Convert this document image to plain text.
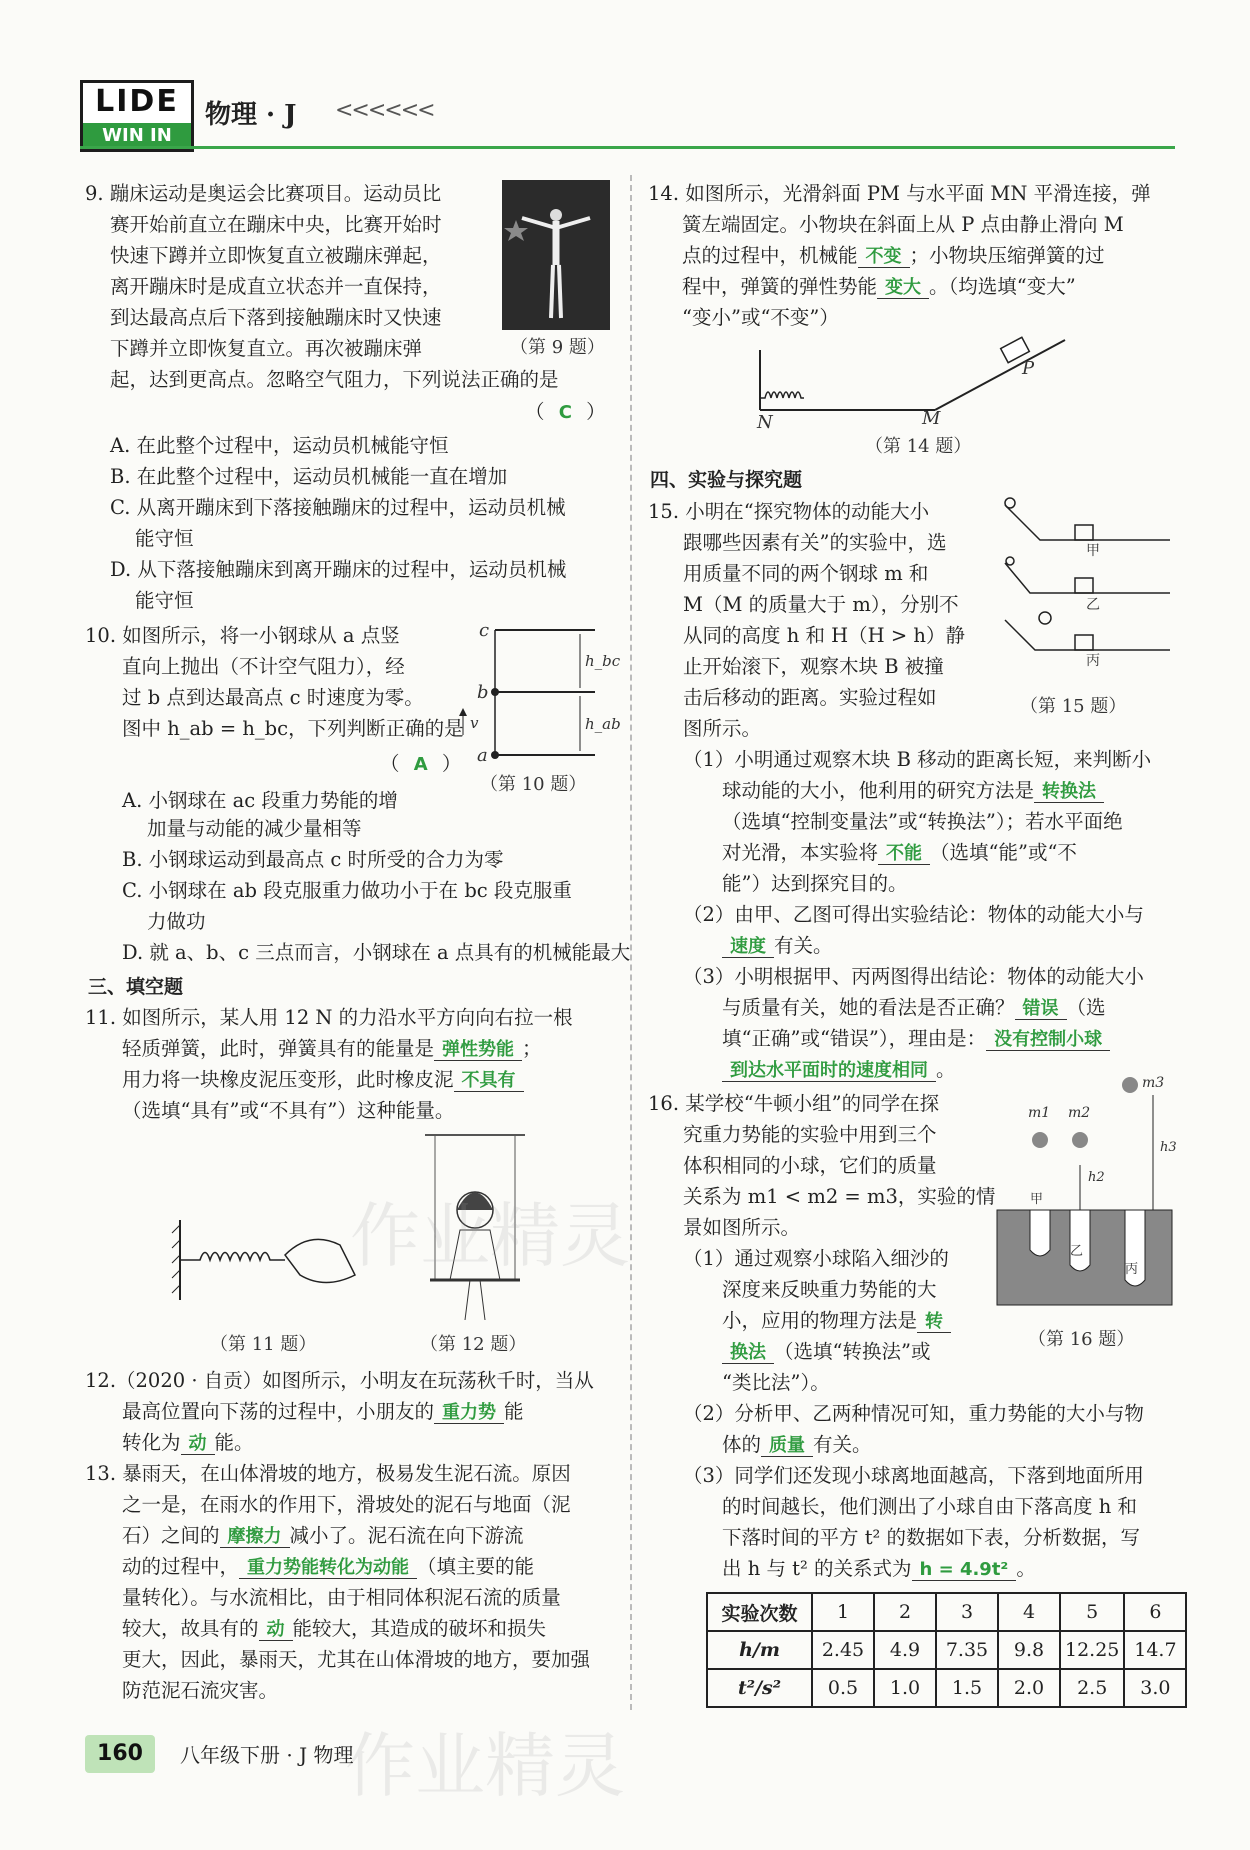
LIDE
WIN IN
物理 · J <<<<<<
9. 蹦床运动是奥运会比赛项目。运动员比
赛开始前直立在蹦床中央，比赛开始时
快速下蹲并立即恢复直立被蹦床弹起，
离开蹦床时是成直立状态并一直保持，
到达最高点后下落到接触蹦床时又快速
下蹲并立即恢复直立。再次被蹦床弹
起，达到更高点。忽略空气阻力，下列说法正确的是
（第 9 题）
（ C ）
A. 在此整个过程中，运动员机械能守恒
B. 在此整个过程中，运动员机械能一直在增加
C. 从离开蹦床到下落接触蹦床的过程中，运动员机械
能守恒
D. 从下落接触蹦床到离开蹦床的过程中，运动员机械
能守恒
10. 如图所示，将一小钢球从 a 点竖
直向上抛出（不计空气阻力），经
过 b 点到达最高点 c 时速度为零。
图中 h_ab = h_bc，下列判断正确的是
（ A ）
c
b
a
h_bc
h_ab
v
（第 10 题）
A. 小钢球在 ac 段重力势能的增
加量与动能的减少量相等
B. 小钢球运动到最高点 c 时所受的合力为零
C. 小钢球在 ab 段克服重力做功小于在 bc 段克服重
力做功
D. 就 a、b、c 三点而言，小钢球在 a 点具有的机械能最大
三、填空题
11. 如图所示，某人用 12 N 的力沿水平方向向右拉一根
轻质弹簧，此时，弹簧具有的能量是 弹性势能 ；
用力将一块橡皮泥压变形，此时橡皮泥 不具有
（选填“具有”或“不具有”）这种能量。
（第 11 题）	（第 12 题）
12.（2020 · 自贡）如图所示，小明友在玩荡秋千时，当从
最高位置向下荡的过程中，小朋友的 重力势 能
转化为 动 能。
13. 暴雨天，在山体滑坡的地方，极易发生泥石流。原因
之一是，在雨水的作用下，滑坡处的泥石与地面（泥
石）之间的 摩擦力 减小了。泥石流在向下游流
动的过程中， 重力势能转化为动能 （填主要的能
量转化）。与水流相比，由于相同体积泥石流的质量
较大，故具有的 动 能较大，其造成的破坏和损失
更大，因此，暴雨天，尤其在山体滑坡的地方，要加强
防范泥石流灾害。
14. 如图所示，光滑斜面 PM 与水平面 MN 平滑连接，弹
簧左端固定。小物块在斜面上从 P 点由静止滑向 M
点的过程中，机械能 不变 ；小物块压缩弹簧的过
程中，弹簧的弹性势能 变大 。（均选填“变大”
“变小”或“不变”）
N	M
P
（第 14 题）
四、实验与探究题
15. 小明在“探究物体的动能大小
跟哪些因素有关”的实验中，选
用质量不同的两个钢球 m 和
M（M 的质量大于 m），分别不
从同的高度 h 和 H（H > h）静
止开始滚下，观察木块 B 被撞
击后移动的距离。实验过程如
图所示。
甲
乙
丙
（第 15 题）
（1）小明通过观察木块 B 移动的距离长短，来判断小
球动能的大小，他利用的研究方法是 转换法
（选填“控制变量法”或“转换法”）；若水平面绝
对光滑，本实验将 不能 （选填“能”或“不
能”）达到探究目的。
（2）由甲、乙图可得出实验结论：物体的动能大小与
速度 有关。
（3）小明根据甲、丙两图得出结论：物体的动能大小
与质量有关，她的看法是否正确？ 错误 （选
填“正确”或“错误”），理由是： 没有控制小球
到达水平面时的速度相同 。
16. 某学校“牛顿小组”的同学在探
究重力势能的实验中用到三个
体积相同的小球，它们的质量
关系为 m1 < m2 = m3，实验的情
景如图所示。
甲
乙
丙
m1 m2
m3
h2
h3
（第 16 题）
（1）通过观察小球陷入细沙的
深度来反映重力势能的大
小，应用的物理方法是 转
换法 （选填“转换法”或
“类比法”）。
（2）分析甲、乙两种情况可知，重力势能的大小与物
体的 质量 有关。
（3）同学们还发现小球离地面越高，下落到地面所用
的时间越长，他们测出了小球自由下落高度 h 和
下落时间的平方 t² 的数据如下表，分析数据，写
实验次数	1	2	3	4	5	6
h/m	2.45	4.9	7.35	9.8	12.25	14.7
t²/s²	0.5	1.0	1.5	2.0	2.5	3.0
作业精灵
作业精灵
160	八年级下册 · J 物理
出 h 与 t² 的关系式为 h = 4.9t² 。
